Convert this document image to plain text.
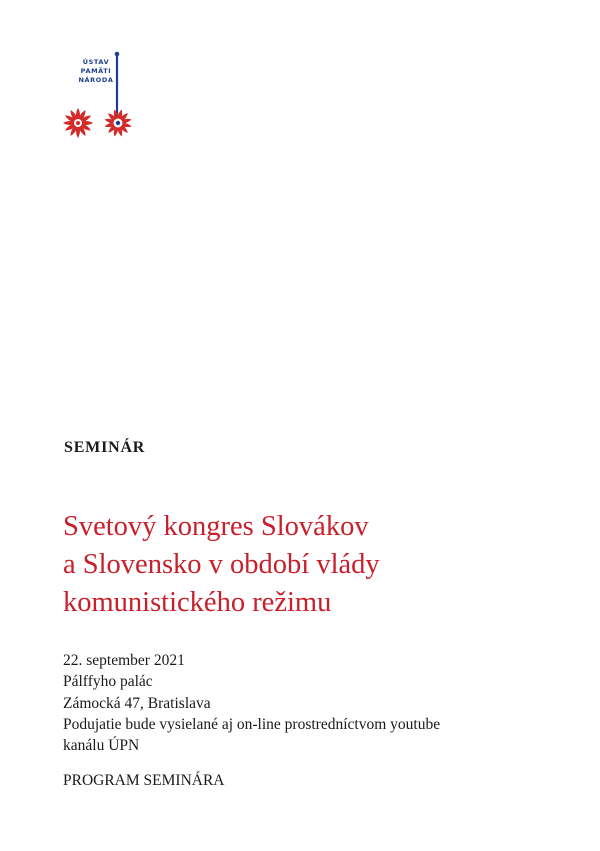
ÚSTAV
PAMÄTI
NÁRODA
SEMINÁR
Svetový kongres Slovákov
a Slovensko v období vlády
komunistického režimu
22. september 2021
Pálffyho palác
Zámocká 47, Bratislava
Podujatie bude vysielané aj on-line prostredníctvom youtube
kanálu ÚPN
PROGRAM SEMINÁRA
